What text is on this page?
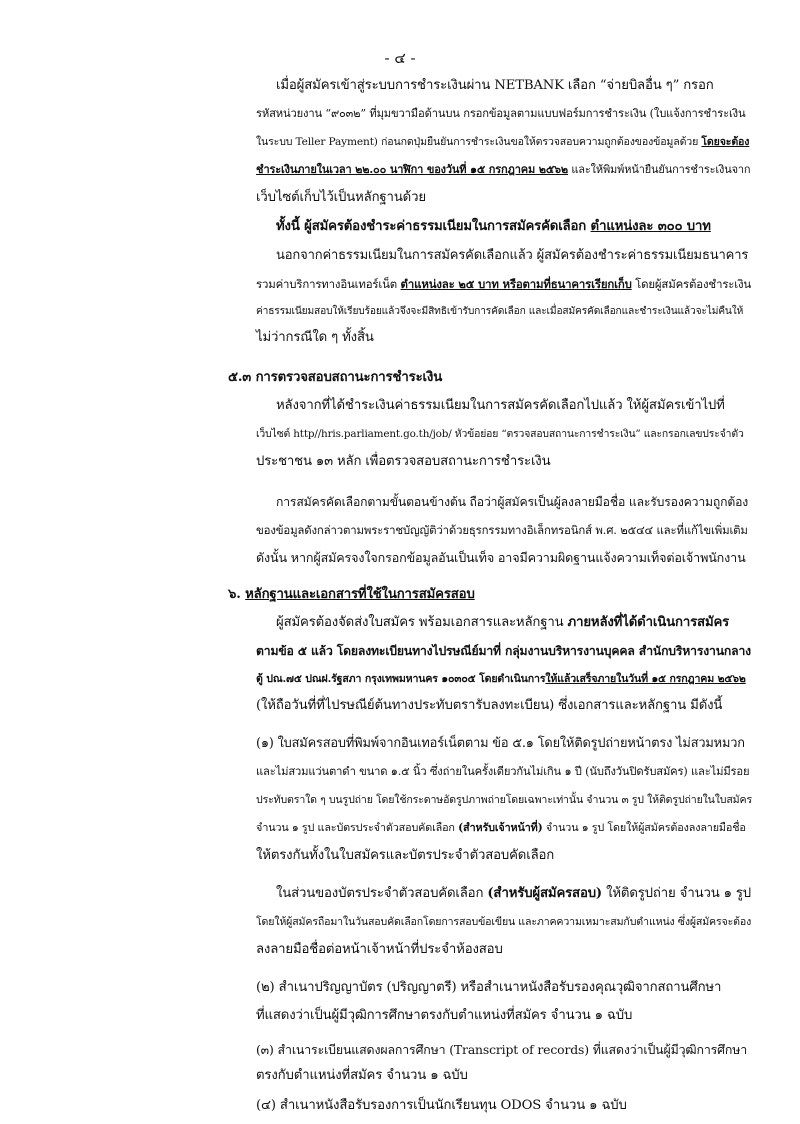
- ๔ -
เมื่อผู้สมัครเข้าสู่ระบบการชำระเงินผ่าน NETBANK เลือก “จ่ายบิลอื่น ๆ” กรอก
รหัสหน่วยงาน “๙๐๓๒” ที่มุมขวามือด้านบน กรอกข้อมูลตามแบบฟอร์มการชำระเงิน (ใบแจ้งการชำระเงิน
ในระบบ Teller Payment) ก่อนกดปุ่มยืนยันการชำระเงินขอให้ตรวจสอบความถูกต้องของข้อมูลด้วย โดยจะต้อง
ชำระเงินภายในเวลา ๒๒.๐๐ นาฬิกา ของวันที่ ๑๕ กรกฎาคม ๒๕๖๒ และให้พิมพ์หน้ายืนยันการชำระเงินจาก
เว็บไซต์เก็บไว้เป็นหลักฐานด้วย
ทั้งนี้ ผู้สมัครต้องชำระค่าธรรมเนียมในการสมัครคัดเลือก ตำแหน่งละ ๓๐๐ บาท
นอกจากค่าธรรมเนียมในการสมัครคัดเลือกแล้ว ผู้สมัครต้องชำระค่าธรรมเนียมธนาคาร
รวมค่าบริการทางอินเทอร์เน็ต ตำแหน่งละ ๒๕ บาท หรือตามที่ธนาคารเรียกเก็บ โดยผู้สมัครต้องชำระเงิน
ค่าธรรมเนียมสอบให้เรียบร้อยแล้วจึงจะมีสิทธิเข้ารับการคัดเลือก และเมื่อสมัครคัดเลือกและชำระเงินแล้วจะไม่คืนให้
ไม่ว่ากรณีใด ๆ ทั้งสิ้น
๕.๓ การตรวจสอบสถานะการชำระเงิน
หลังจากที่ได้ชำระเงินค่าธรรมเนียมในการสมัครคัดเลือกไปแล้ว ให้ผู้สมัครเข้าไปที่
เว็บไซต์ http//hris.parliament.go.th/job/ หัวข้อย่อย “ตรวจสอบสถานะการชำระเงิน” และกรอกเลขประจำตัว
ประชาชน ๑๓ หลัก เพื่อตรวจสอบสถานะการชำระเงิน
การสมัครคัดเลือกตามขั้นตอนข้างต้น ถือว่าผู้สมัครเป็นผู้ลงลายมือชื่อ และรับรองความถูกต้อง
ของข้อมูลดังกล่าวตามพระราชบัญญัติว่าด้วยธุรกรรมทางอิเล็กทรอนิกส์ พ.ศ. ๒๕๔๔ และที่แก้ไขเพิ่มเติม
ดังนั้น หากผู้สมัครจงใจกรอกข้อมูลอันเป็นเท็จ อาจมีความผิดฐานแจ้งความเท็จต่อเจ้าพนักงาน
๖. หลักฐานและเอกสารที่ใช้ในการสมัครสอบ
ผู้สมัครต้องจัดส่งใบสมัคร พร้อมเอกสารและหลักฐาน ภายหลังที่ได้ดำเนินการสมัคร
ตามข้อ ๕ แล้ว โดยลงทะเบียนทางไปรษณีย์มาที่ กลุ่มงานบริหารงานบุคคล สำนักบริหารงานกลาง
ตู้ ปณ.๗๕ ปณฝ.รัฐสภา กรุงเทพมหานคร ๑๐๓๐๕ โดยดำเนินการให้แล้วเสร็จภายในวันที่ ๑๕ กรกฎาคม ๒๕๖๒
(ให้ถือวันที่ที่ไปรษณีย์ต้นทางประทับตรารับลงทะเบียน) ซึ่งเอกสารและหลักฐาน มีดังนี้
(๑) ใบสมัครสอบที่พิมพ์จากอินเทอร์เน็ตตาม ข้อ ๕.๑ โดยให้ติดรูปถ่ายหน้าตรง ไม่สวมหมวก
และไม่สวมแว่นตาดำ ขนาด ๑.๕ นิ้ว ซึ่งถ่ายในครั้งเดียวกันไม่เกิน ๑ ปี (นับถึงวันปิดรับสมัคร) และไม่มีรอย
ประทับตราใด ๆ บนรูปถ่าย โดยใช้กระดาษอัดรูปภาพถ่ายโดยเฉพาะเท่านั้น จำนวน ๓ รูป ให้ติดรูปถ่ายในใบสมัคร
จำนวน ๑ รูป และบัตรประจำตัวสอบคัดเลือก (สำหรับเจ้าหน้าที่) จำนวน ๑ รูป โดยให้ผู้สมัครต้องลงลายมือชื่อ
ให้ตรงกันทั้งในใบสมัครและบัตรประจำตัวสอบคัดเลือก
ในส่วนของบัตรประจำตัวสอบคัดเลือก (สำหรับผู้สมัครสอบ) ให้ติดรูปถ่าย จำนวน ๑ รูป
โดยให้ผู้สมัครถือมาในวันสอบคัดเลือกโดยการสอบข้อเขียน และภาคความเหมาะสมกับตำแหน่ง ซึ่งผู้สมัครจะต้อง
ลงลายมือชื่อต่อหน้าเจ้าหน้าที่ประจำห้องสอบ
(๒) สำเนาปริญญาบัตร (ปริญญาตรี) หรือสำเนาหนังสือรับรองคุณวุฒิจากสถานศึกษา
ที่แสดงว่าเป็นผู้มีวุฒิการศึกษาตรงกับตำแหน่งที่สมัคร จำนวน ๑ ฉบับ
(๓) สำเนาระเบียนแสดงผลการศึกษา (Transcript of records) ที่แสดงว่าเป็นผู้มีวุฒิการศึกษา
ตรงกับตำแหน่งที่สมัคร จำนวน ๑ ฉบับ
(๔) สำเนาหนังสือรับรองการเป็นนักเรียนทุน ODOS จำนวน ๑ ฉบับ
